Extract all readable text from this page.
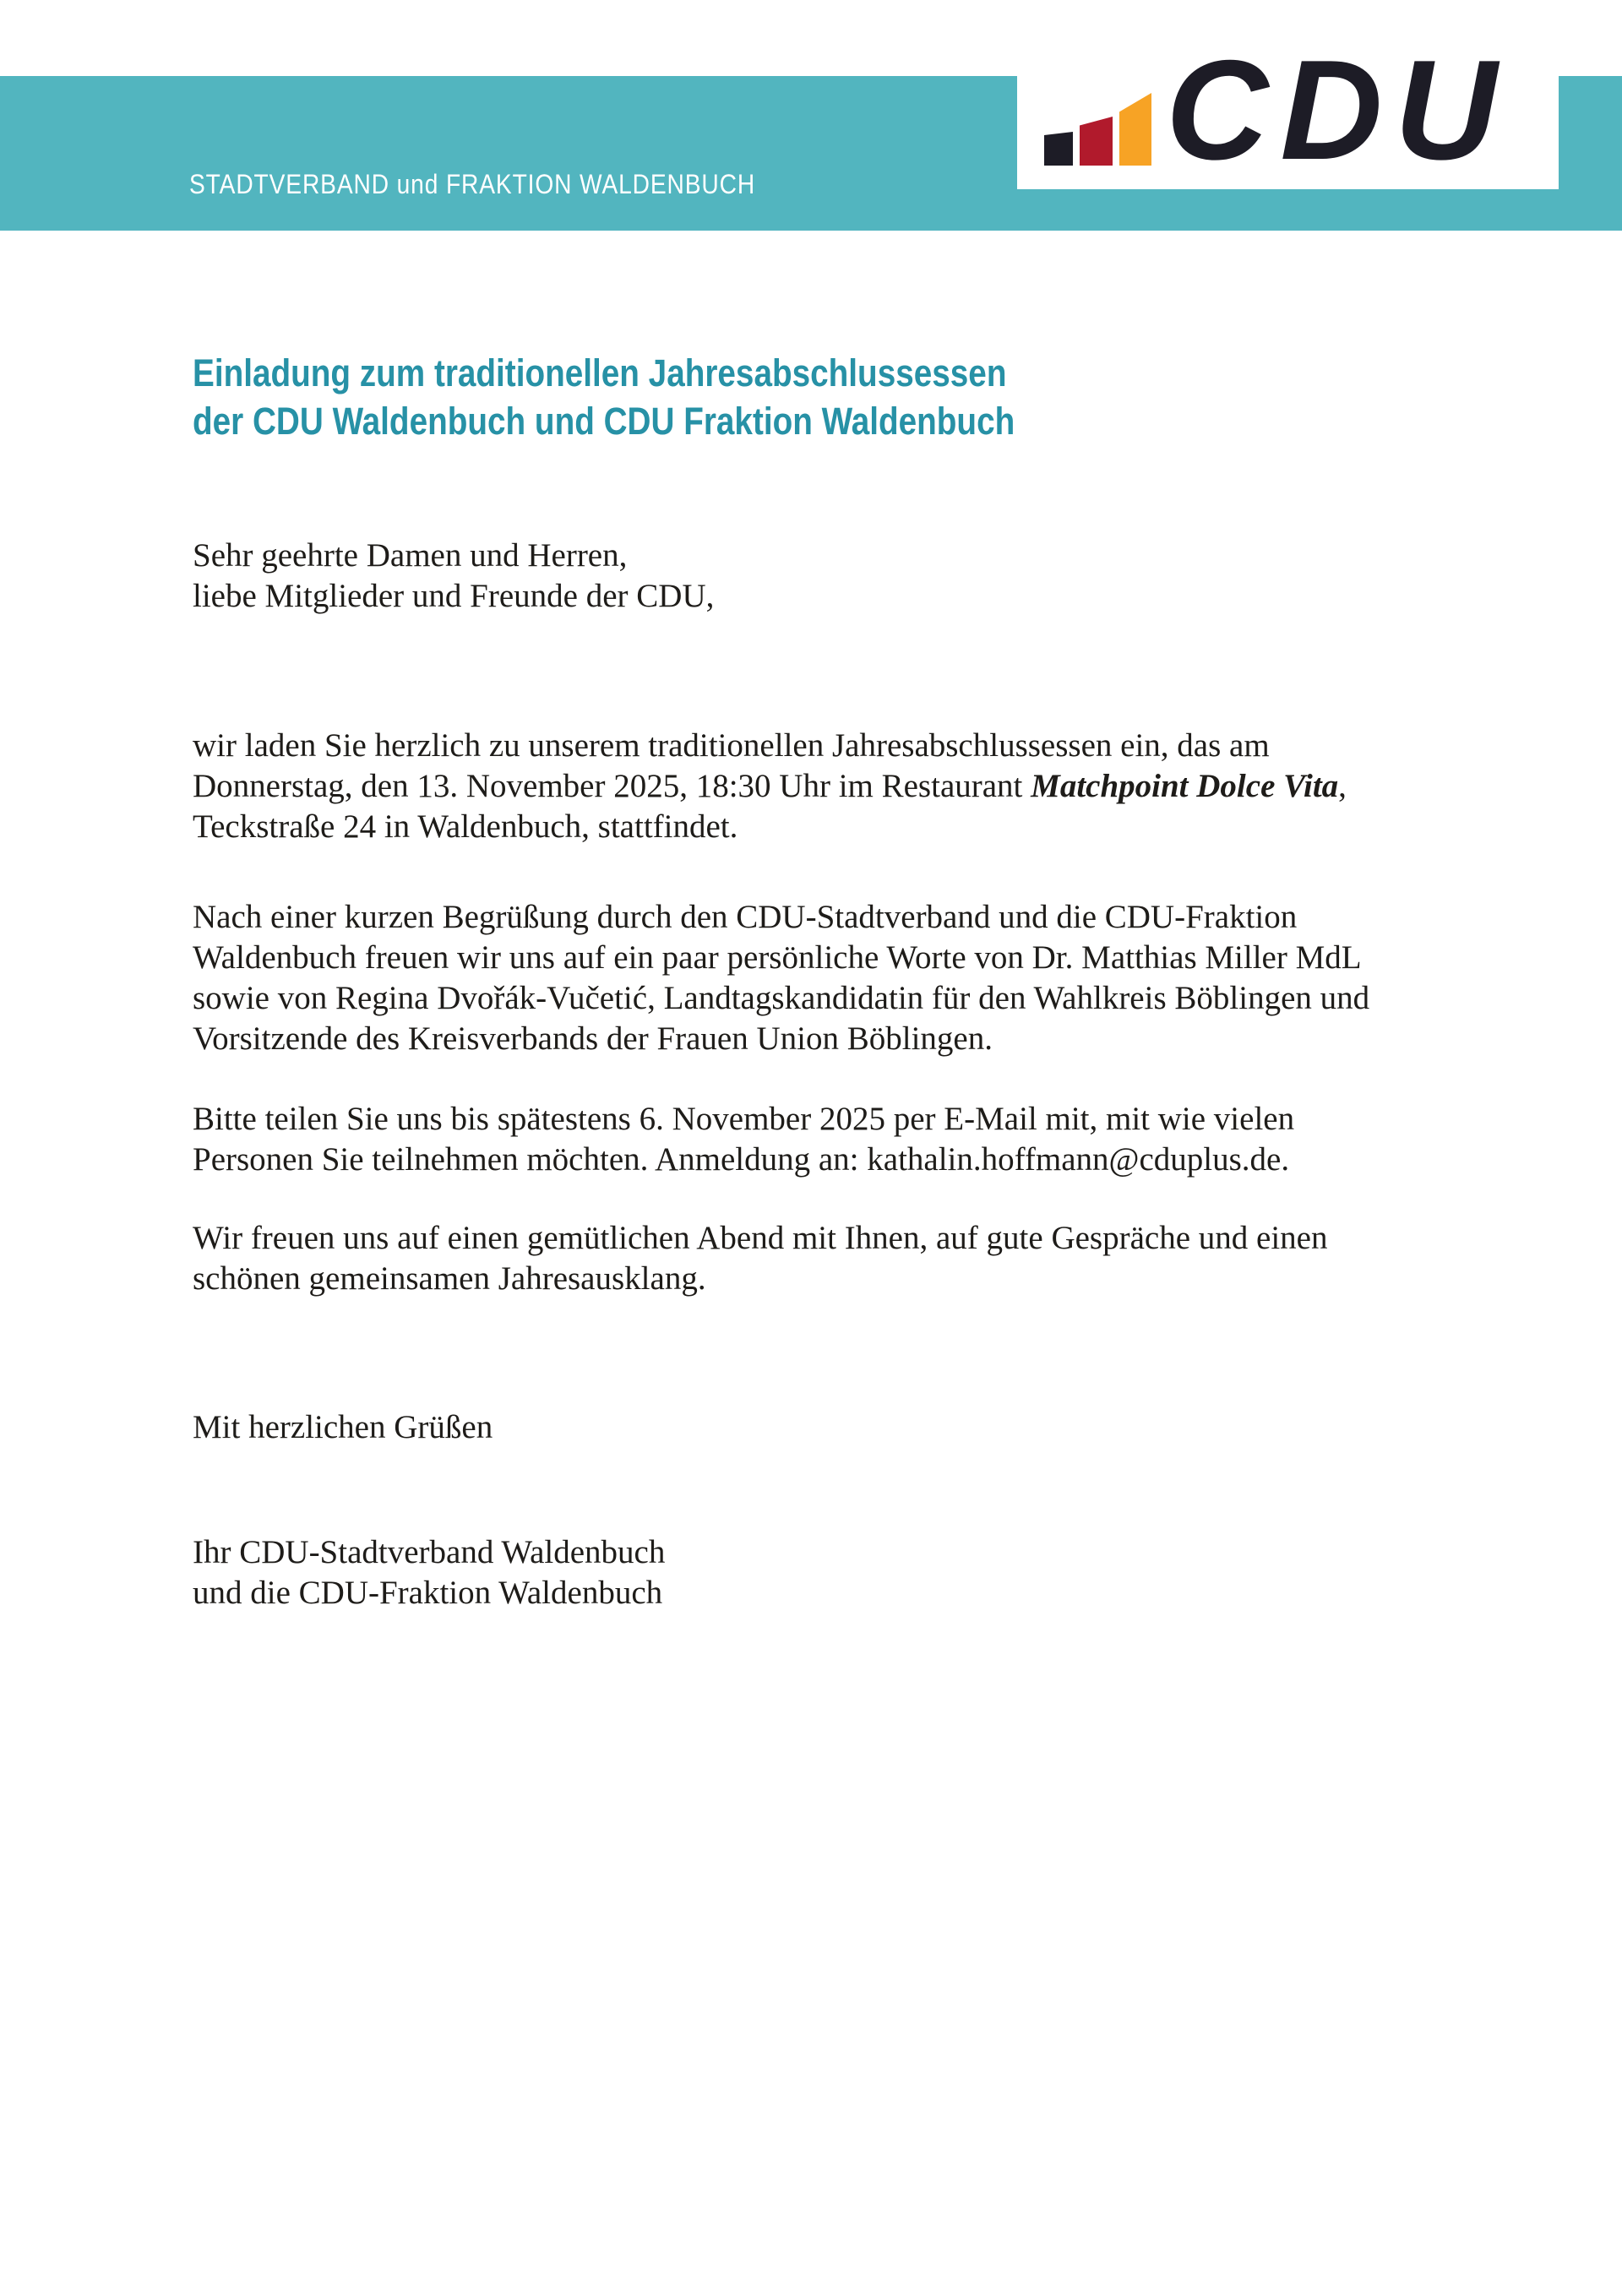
STADTVERBAND und FRAKTION WALDENBUCH	CDU
Einladung zum traditionellen Jahresabschlussessen
der CDU Waldenbuch und CDU Fraktion Waldenbuch
Sehr geehrte Damen und Herren,
liebe Mitglieder und Freunde der CDU,
wir laden Sie herzlich zu unserem traditionellen Jahresabschlussessen ein, das am
Donnerstag, den 13. November 2025, 18:30 Uhr im Restaurant Matchpoint Dolce Vita,
Teckstraße 24 in Waldenbuch, stattfindet.
Nach einer kurzen Begrüßung durch den CDU-Stadtverband und die CDU-Fraktion
Waldenbuch freuen wir uns auf ein paar persönliche Worte von Dr. Matthias Miller MdL
sowie von Regina Dvořák-Vučetić, Landtagskandidatin für den Wahlkreis Böblingen und
Vorsitzende des Kreisverbands der Frauen Union Böblingen.
Bitte teilen Sie uns bis spätestens 6. November 2025 per E-Mail mit, mit wie vielen
Personen Sie teilnehmen möchten. Anmeldung an: kathalin.hoffmann@cduplus.de.
Wir freuen uns auf einen gemütlichen Abend mit Ihnen, auf gute Gespräche und einen
schönen gemeinsamen Jahresausklang.
Mit herzlichen Grüßen
Ihr CDU-Stadtverband Waldenbuch
und die CDU-Fraktion Waldenbuch
